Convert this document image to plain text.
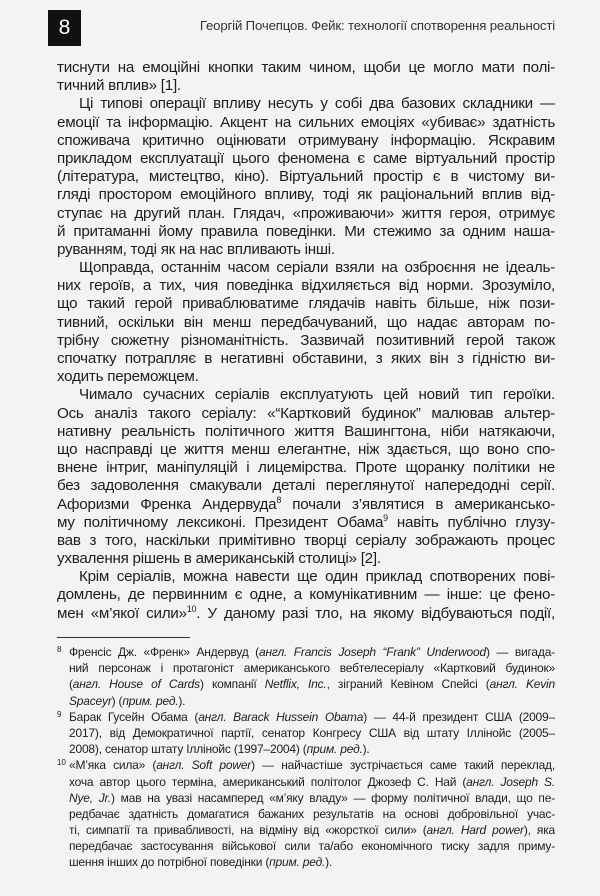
8	Георгій Почепцов. Фейк: технології спотворення реальності
тиснути на емоційні кнопки таким чином, щоби це могло мати полі-
тичний вплив» [1].
Ці типові операції впливу несуть у собі два базових складники —
емоції та інформацію. Акцент на сильних емоціях «убиває» здатність
споживача критично оцінювати отримувану інформацію. Яскравим
прикладом експлуатації цього феномена є саме віртуальний простір
(література, мистецтво, кіно). Віртуальний простір є в чистому ви-
гляді простором емоційного впливу, тоді як раціональний вплив від-
ступає на другий план. Глядач, «проживаючи» життя героя, отримує
й притаманні йому правила поведінки. Ми стежимо за одним наша-
руванням, тоді як на нас впливають інші.
Щоправда, останнім часом серіали взяли на озброєння не ідеаль-
них героїв, а тих, чия поведінка відхиляється від норми. Зрозуміло,
що такий герой приваблюватиме глядачів навіть більше, ніж пози-
тивний, оскільки він менш передбачуваний, що надає авторам по-
трібну сюжетну різноманітність. Зазвичай позитивний герой також
спочатку потрапляє в негативні обставини, з яких він з гідністю ви-
ходить переможцем.
Чимало сучасних серіалів експлуатують цей новий тип героїки.
Ось аналіз такого серіалу: «“Картковий будинок” малював альтер-
нативну реальність політичного життя Вашингтона, ніби натякаючи,
що насправді це життя менш елегантне, ніж здається, що воно спо-
внене інтриг, маніпуляцій і лицемірства. Проте щоранку політики не
без задоволення смакували деталі переглянутої напередодні серії.
Афоризми Френка Андервуда$^8$ почали з’являтися в американсько-
му політичному лексиконі. Президент Обама$^9$ навіть публічно глузу-
вав з того, наскільки примітивно творці серіалу зображають процес
ухвалення рішень в американській столиці» [2].
Крім серіалів, можна навести ще один приклад спотворених пові-
домлень, де первинним є одне, а комунікативним — інше: це фено-
мен «м’якої сили»$^{10}$. У даному разі тло, на якому відбуваються події,
8 Френсіс Дж. «Френк» Андервуд (англ. Francis Joseph “Frank” Underwood) — вигада-
ний персонаж і протагоніст американського вебтелесеріалу «Картковий будинок»
(англ. House of Cards) компанії Netflix, Inc., зіграний Кевіном Спейсі (англ. Kevin
Spaceyr) (прим. ред.).
9 Барак Гусейн Обама (англ. Barack Hussein Obama) — 44-й президент США (2009–
2017), від Демократичної партії, сенатор Конгресу США від штату Іллінойс (2005–
2008), сенатор штату Іллінойс (1997–2004) (прим. ред.).
10 «М’яка сила» (англ. Soft power) — найчастіше зустрічається саме такий переклад,
хоча автор цього терміна, американський політолог Джозеф С. Най (англ. Joseph S.
Nye, Jr.) мав на увазі насамперед «м’яку владу» — форму політичної влади, що пе-
редбачає здатність домагатися бажаних результатів на основі добровільної учас-
ті, симпатії та привабливості, на відміну від «жорсткої сили» (англ. Hard power), яка
передбачає застосування військової сили та/або економічного тиску задля приму-
шення інших до потрібної поведінки (прим. ред.).
